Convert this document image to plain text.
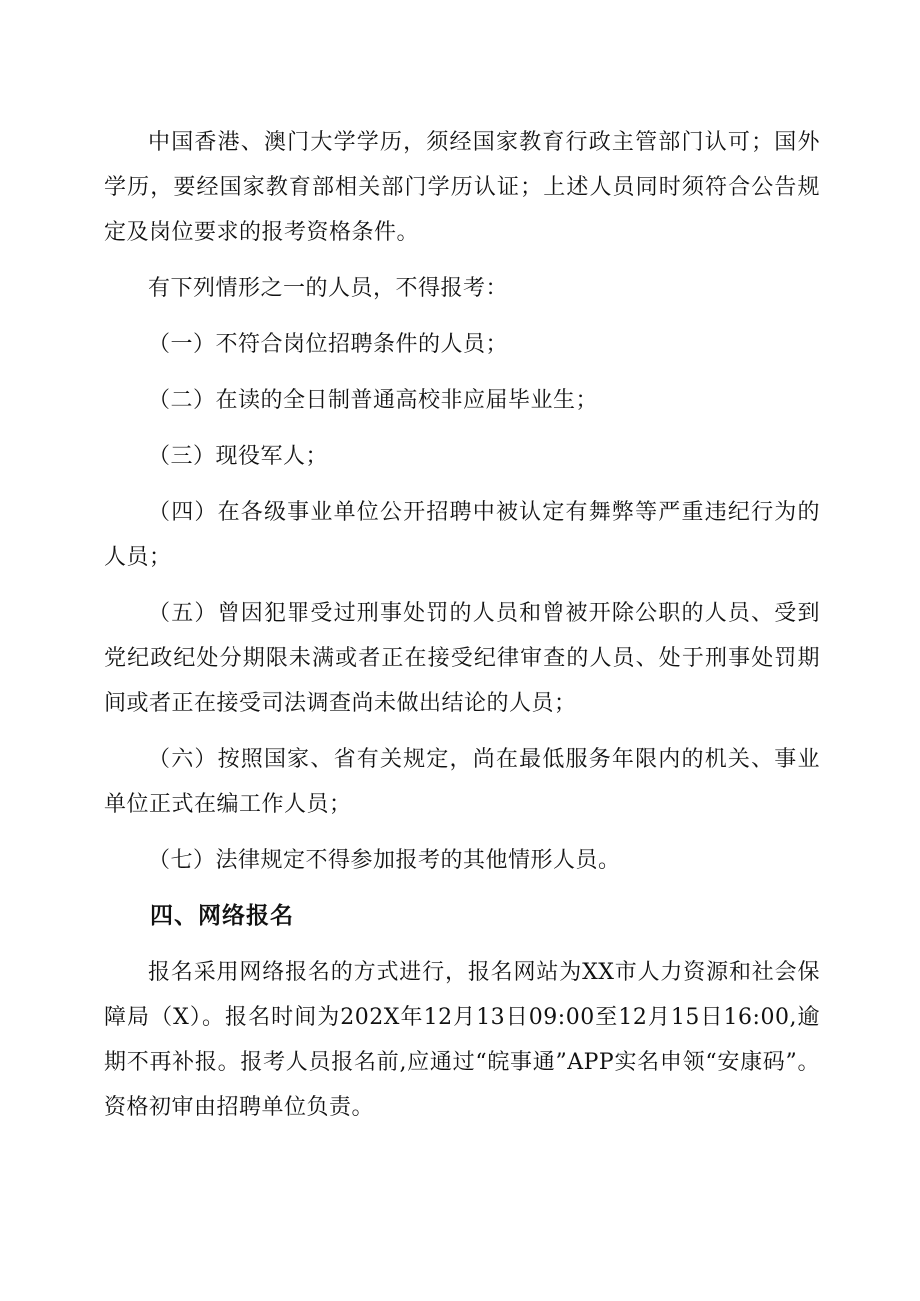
中国香港、澳门大学学历，须经国家教育行政主管部门认可；国外学历，要经国家教育部相关部门学历认证；上述人员同时须符合公告规定及岗位要求的报考资格条件。

有下列情形之一的人员，不得报考：

（一）不符合岗位招聘条件的人员；

（二）在读的全日制普通高校非应届毕业生；

（三）现役军人；

（四）在各级事业单位公开招聘中被认定有舞弊等严重违纪行为的人员；

（五）曾因犯罪受过刑事处罚的人员和曾被开除公职的人员、受到党纪政纪处分期限未满或者正在接受纪律审查的人员、处于刑事处罚期间或者正在接受司法调查尚未做出结论的人员；

（六）按照国家、省有关规定，尚在最低服务年限内的机关、事业单位正式在编工作人员；

（七）法律规定不得参加报考的其他情形人员。

四、网络报名

报名采用网络报名的方式进行，报名网站为XX市人力资源和社会保障局（X）。报名时间为202X年12月13日09:00至12月15日16:00,逾期不再补报。报考人员报名前,应通过“皖事通”APP实名申领“安康码”。资格初审由招聘单位负责。
